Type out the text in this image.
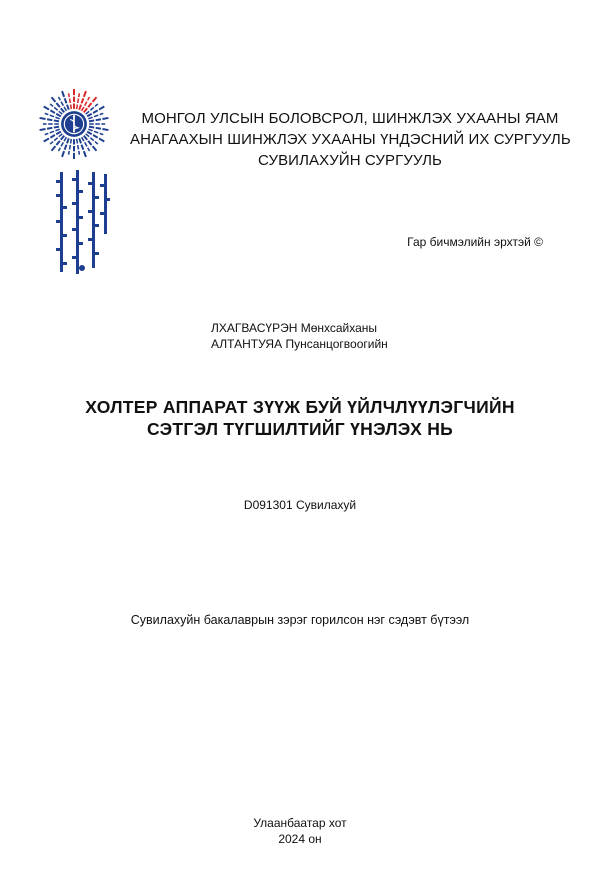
МОНГОЛ УЛСЫН БОЛОВСРОЛ, ШИНЖЛЭХ УХААНЫ ЯАМ
АНАГААХЫН ШИНЖЛЭХ УХААНЫ ҮНДЭСНИЙ ИХ СУРГУУЛЬ
СУВИЛАХУЙН СУРГУУЛЬ
Гар бичмэлийн эрхтэй ©
ЛХАГВАСҮРЭН Мөнхсайханы
АЛТАНТУЯА Пунсанцогвоогийн
ХОЛТЕР АППАРАТ ЗҮҮЖ БУЙ ҮЙЛЧЛҮҮЛЭГЧИЙН
СЭТГЭЛ ТҮГШИЛТИЙГ ҮНЭЛЭХ НЬ
D091301 Сувилахуй
Сувилахуйн бакалаврын зэрэг горилсон нэг сэдэвт бүтээл
Улаанбаатар хот
2024 он
